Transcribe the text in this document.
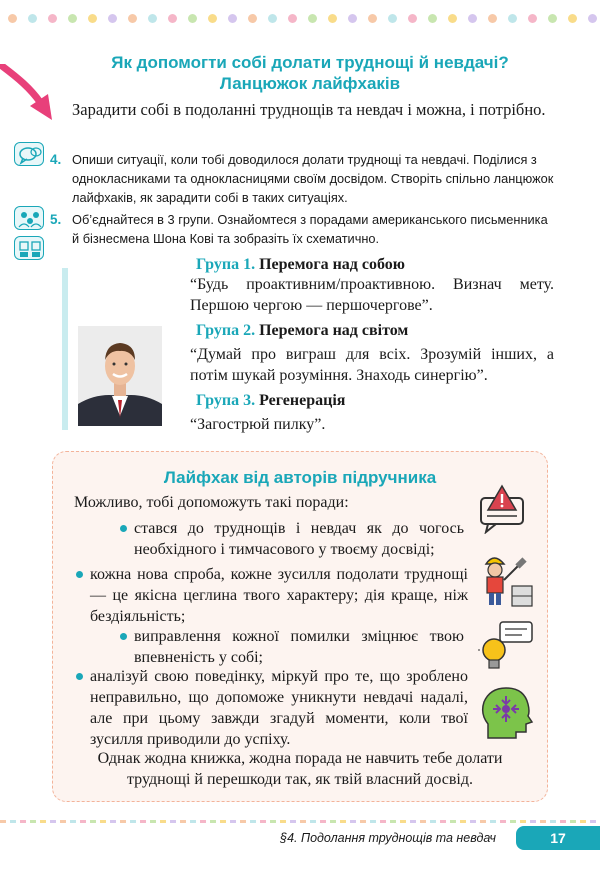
Як допомогти собі долати труднощі й невдачі?
Ланцюжок лайфхаків
Зарадити собі в подоланні труднощів та невдач і можна, і потрібно.
4. Опиши ситуації, коли тобі доводилося долати труднощі та невдачі. Поділися з однокласниками та однокласницями своїм досвідом. Створіть спільно ланцюжок лайфхаків, як зарадити собі в таких ситуаціях.
5. Об’єднайтеся в 3 групи. Ознайомтеся з порадами американського письменника й бізнесмена Шона Кові та зобразіть їх схематично.
Група 1. Перемога над собою
“Будь проактивним/проактивною. Визнач мету. Першою чергою — першочергове”.
Група 2. Перемога над світом
“Думай про виграш для всіх. Зрозумій інших, а потім шукай розуміння. Знаходь синергію”.
Група 3. Регенерація
“Загострюй пилку”.
Лайфхак від авторів підручника
Можливо, тобі допоможуть такі поради:
стався до труднощів і невдач як до чогось необхідного і тимчасового у твоєму досвіді;
кожна нова спроба, кожне зусилля подолати труднощі — це якісна цеглина твого характеру; дія краще, ніж бездіяльність;
виправлення кожної помилки зміцнює твою впевненість у собі;
аналізуй свою поведінку, міркуй про те, що зроблено неправильно, що допоможе уникнути невдачі надалі, але при цьому завжди згадуй моменти, коли твої зусилля приводили до успіху.
Однак жодна книжка, жодна порада не навчить тебе долати труднощі й перешкоди так, як твій власний досвід.
§4. Подолання труднощів та невдач	17
